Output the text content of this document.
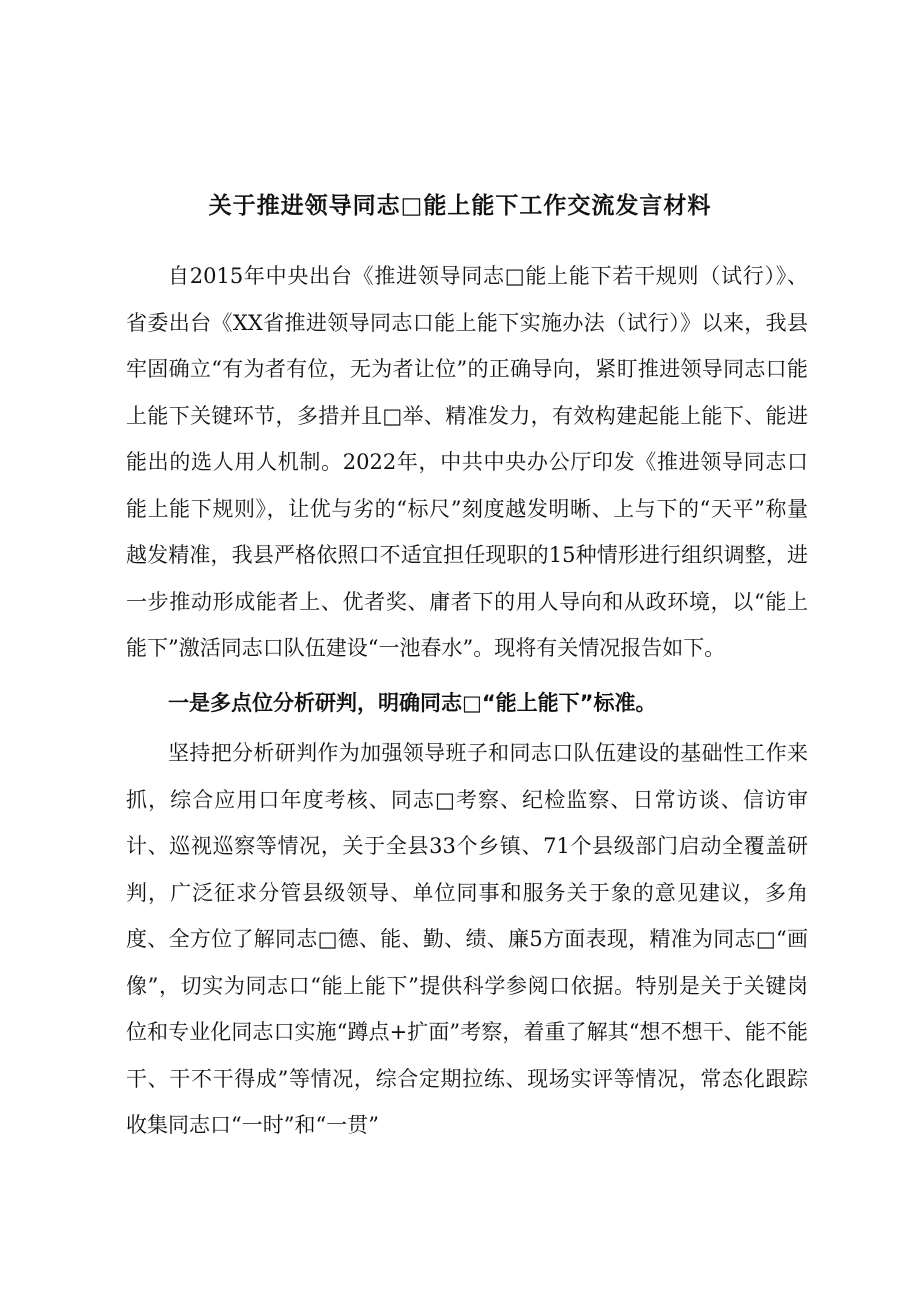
关于推进领导同志□能上能下工作交流发言材料

自2015年中央出台《推进领导同志□能上能下若干规则（试行）》、省委出台《XX省推进领导同志口能上能下实施办法（试行）》以来，我县牢固确立“有为者有位，无为者让位”的正确导向，紧盯推进领导同志口能上能下关键环节，多措并且□举、精准发力，有效构建起能上能下、能进能出的选人用人机制。2022年，中共中央办公厅印发《推进领导同志口能上能下规则》，让优与劣的“标尺”刻度越发明晰、上与下的“天平”称量越发精准，我县严格依照口不适宜担任现职的15种情形进行组织调整，进一步推动形成能者上、优者奖、庸者下的用人导向和从政环境，以“能上能下”激活同志口队伍建设“一池春水”。现将有关情况报告如下。

一是多点位分析研判，明确同志□“能上能下”标准。

坚持把分析研判作为加强领导班子和同志口队伍建设的基础性工作来抓，综合应用口年度考核、同志□考察、纪检监察、日常访谈、信访审计、巡视巡察等情况，关于全县33个乡镇、71个县级部门启动全覆盖研判，广泛征求分管县级领导、单位同事和服务关于象的意见建议，多角度、全方位了解同志□德、能、勤、绩、廉5方面表现，精准为同志□“画像”，切实为同志口“能上能下”提供科学参阅口依据。特别是关于关键岗位和专业化同志口实施“蹲点+扩面”考察，着重了解其“想不想干、能不能干、干不干得成”等情况，综合定期拉练、现场实评等情况，常态化跟踪收集同志口“一时”和“一贯”
